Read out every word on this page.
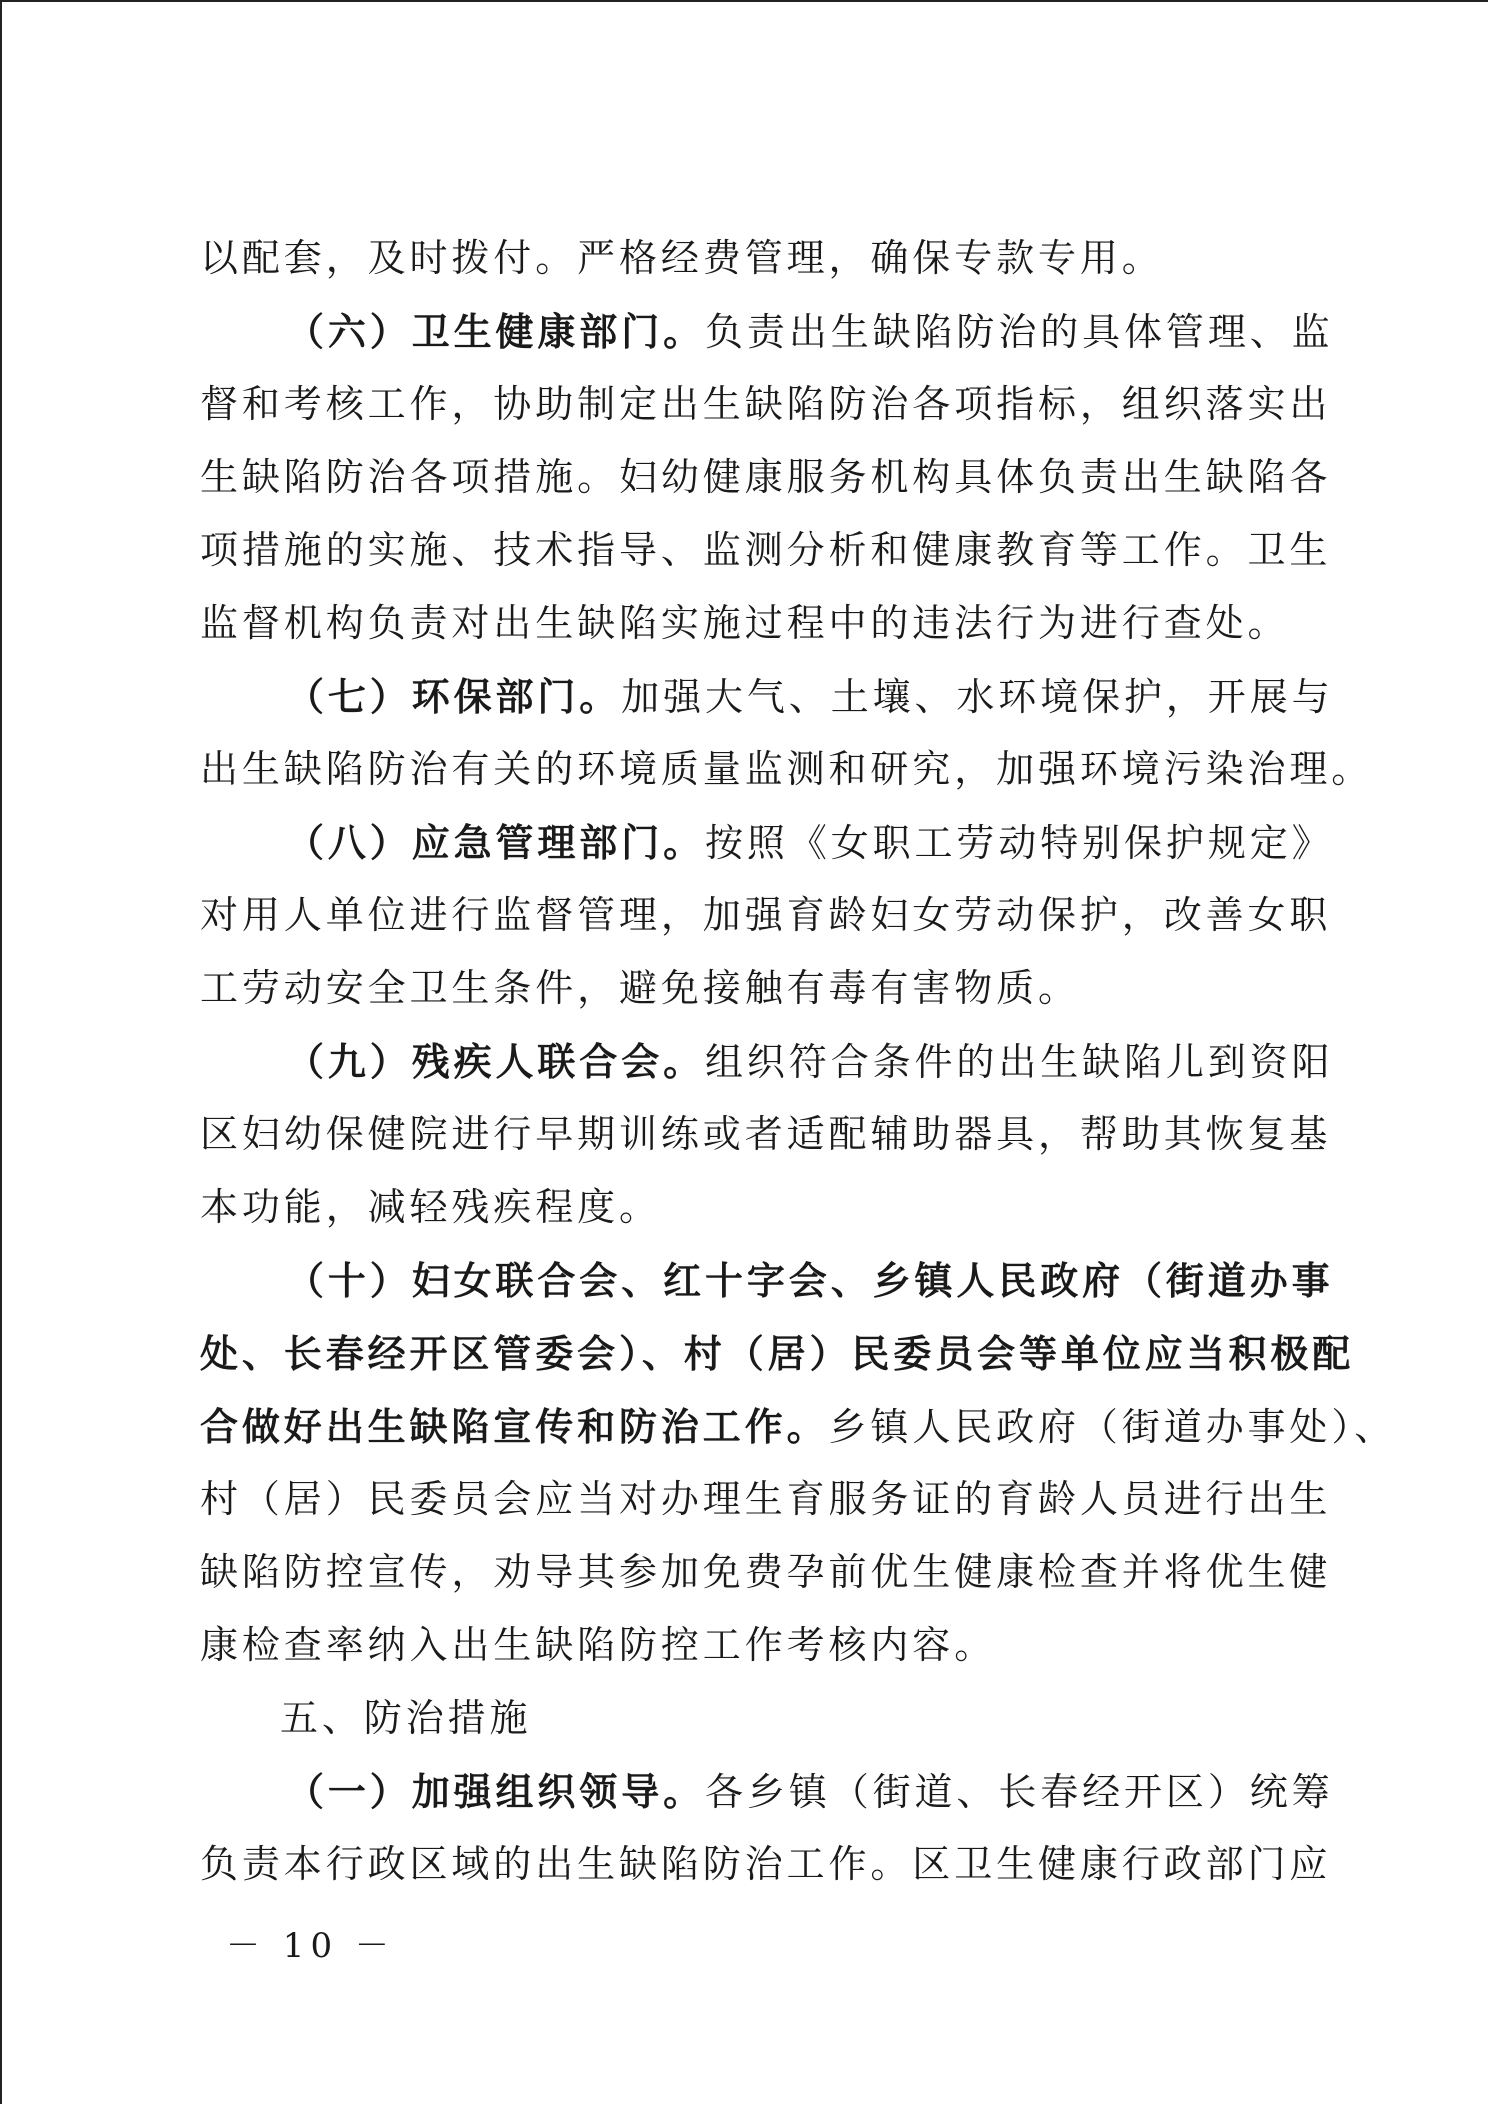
以配套，及时拨付。严格经费管理，确保专款专用。
（六）卫生健康部门。负责出生缺陷防治的具体管理、监
督和考核工作，协助制定出生缺陷防治各项指标，组织落实出
生缺陷防治各项措施。妇幼健康服务机构具体负责出生缺陷各
项措施的实施、技术指导、监测分析和健康教育等工作。卫生
监督机构负责对出生缺陷实施过程中的违法行为进行查处。
（七）环保部门。加强大气、土壤、水环境保护，开展与
出生缺陷防治有关的环境质量监测和研究，加强环境污染治理。
（八）应急管理部门。按照《女职工劳动特别保护规定》
对用人单位进行监督管理，加强育龄妇女劳动保护，改善女职
工劳动安全卫生条件，避免接触有毒有害物质。
（九）残疾人联合会。组织符合条件的出生缺陷儿到资阳
区妇幼保健院进行早期训练或者适配辅助器具，帮助其恢复基
本功能，减轻残疾程度。
（十）妇女联合会、红十字会、乡镇人民政府（街道办事
处、长春经开区管委会）、村（居）民委员会等单位应当积极配
合做好出生缺陷宣传和防治工作。乡镇人民政府（街道办事处）、
村（居）民委员会应当对办理生育服务证的育龄人员进行出生
缺陷防控宣传，劝导其参加免费孕前优生健康检查并将优生健
康检查率纳入出生缺陷防控工作考核内容。
五、防治措施
（一）加强组织领导。各乡镇（街道、长春经开区）统筹
负责本行政区域的出生缺陷防治工作。区卫生健康行政部门应
－ 10 －
